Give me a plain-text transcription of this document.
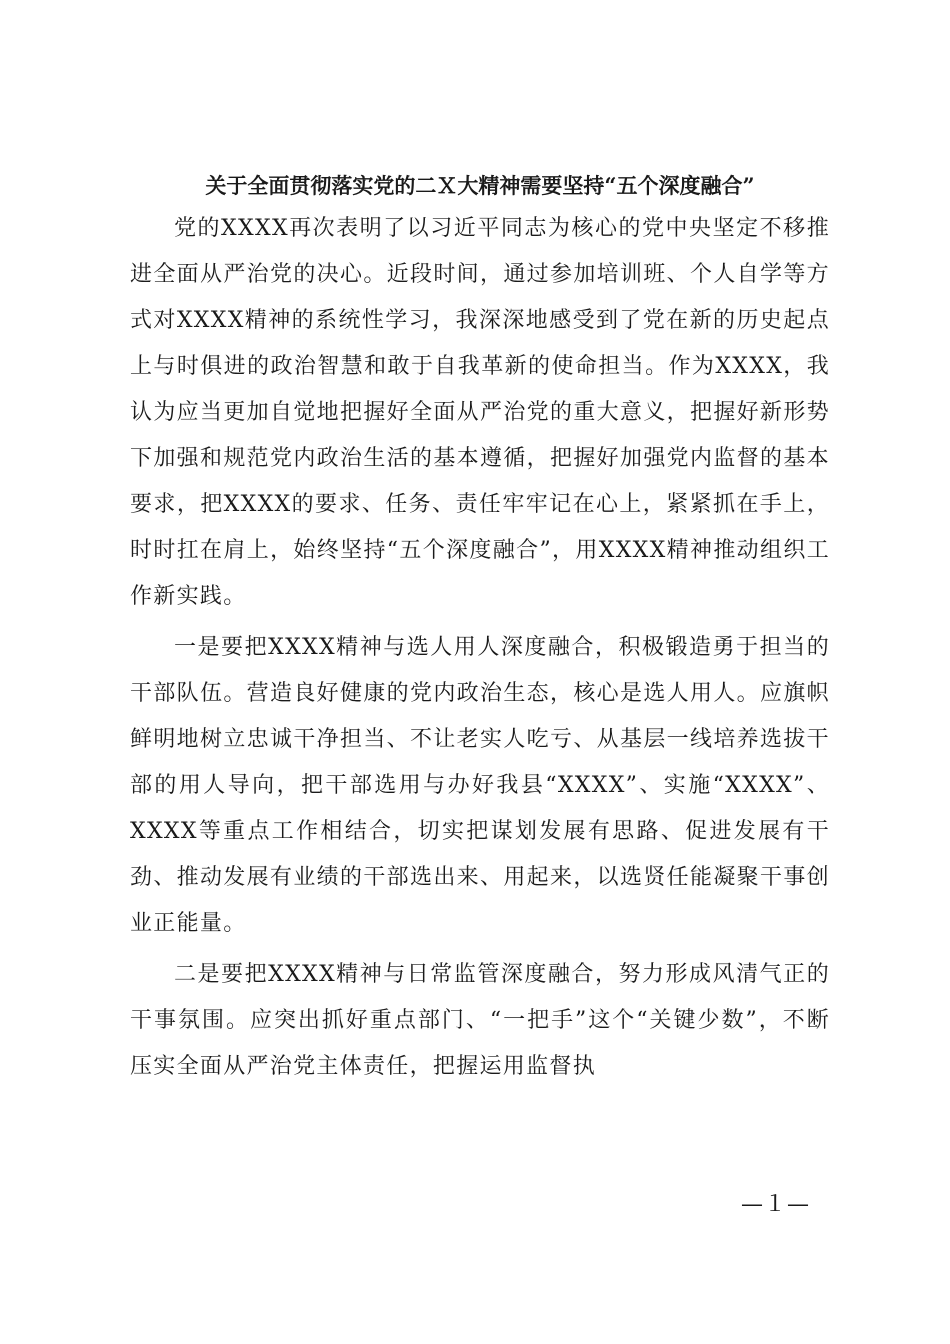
关于全面贯彻落实党的二Ｘ大精神需要坚持“五个深度融合”

党的XXXX再次表明了以习近平同志为核心的党中央坚定不移推进全面从严治党的决心。近段时间，通过参加培训班、个人自学等方式对XXXX精神的系统性学习，我深深地感受到了党在新的历史起点上与时俱进的政治智慧和敢于自我革新的使命担当。作为XXXX，我认为应当更加自觉地把握好全面从严治党的重大意义，把握好新形势下加强和规范党内政治生活的基本遵循，把握好加强党内监督的基本要求，把XXXX的要求、任务、责任牢牢记在心上，紧紧抓在手上，时时扛在肩上，始终坚持“五个深度融合”，用XXXX精神推动组织工作新实践。

一是要把XXXX精神与选人用人深度融合，积极锻造勇于担当的干部队伍。营造良好健康的党内政治生态，核心是选人用人。应旗帜鲜明地树立忠诚干净担当、不让老实人吃亏、从基层一线培养选拔干部的用人导向，把干部选用与办好我县“XXXX”、实施“XXXX”、XXXX等重点工作相结合，切实把谋划发展有思路、促进发展有干劲、推动发展有业绩的干部选出来、用起来，以选贤任能凝聚干事创业正能量。

二是要把XXXX精神与日常监管深度融合，努力形成风清气正的干事氛围。应突出抓好重点部门、“一把手”这个“关键少数”，不断压实全面从严治党主体责任，把握运用监督执

—１—
